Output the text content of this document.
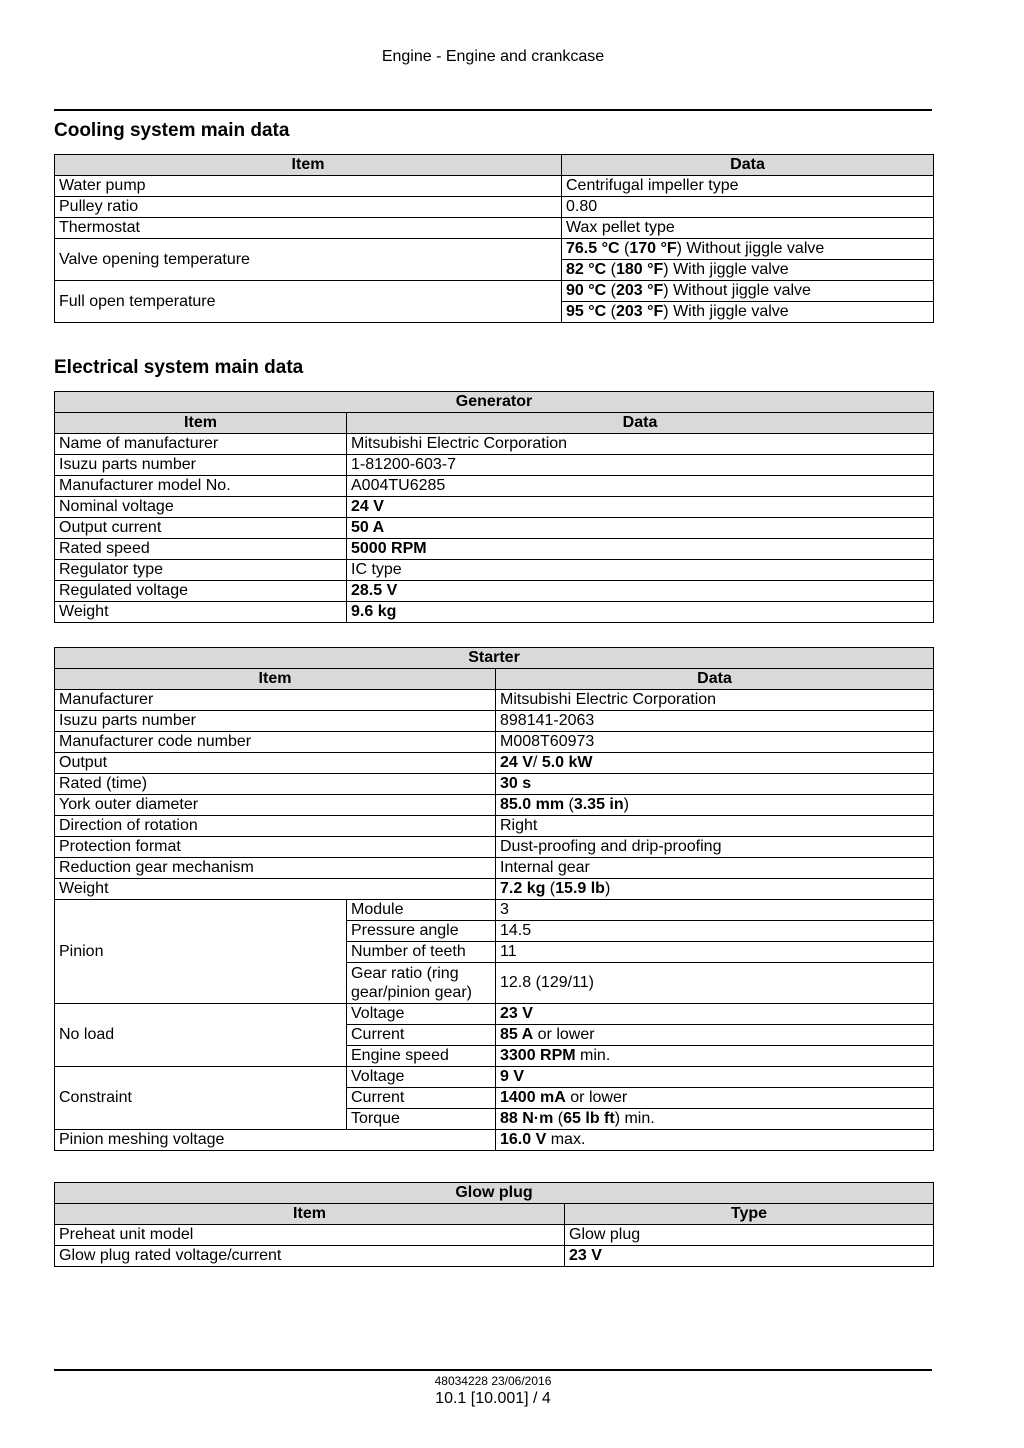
Engine - Engine and crankcase
Cooling system main data
Item	Data
Water pump	Centrifugal impeller type
Pulley ratio	0.80
Thermostat	Wax pellet type
Valve opening temperature	76.5 °C (170 °F) Without jiggle valve
	82 °C (180 °F) With jiggle valve
Full open temperature	90 °C (203 °F) Without jiggle valve
	95 °C (203 °F) With jiggle valve
Electrical system main data
Generator	
Item	Data
Name of manufacturer	Mitsubishi Electric Corporation
Isuzu parts number	1-81200-603-7
Manufacturer model No.	A004TU6285
Nominal voltage	24 V
Output current	50 A
Rated speed	5000 RPM
Regulator type	IC type
Regulated voltage	28.5 V
Weight	9.6 kg
Starter		
Item		Data
Manufacturer		Mitsubishi Electric Corporation
Isuzu parts number		898141-2063
Manufacturer code number		M008T60973
Output		24 V/ 5.0 kW
Rated (time)		30 s
York outer diameter		85.0 mm (3.35 in)
Direction of rotation		Right
Protection format		Dust-proofing and drip-proofing
Reduction gear mechanism		Internal gear
Weight		7.2 kg (15.9 lb)
Pinion	Module	3
	Pressure angle	14.5
	Number of teeth	11
	Gear ratio (ring gear/pinion gear)	12.8 (129/11)
No load	Voltage	23 V
	Current	85 A or lower
	Engine speed	3300 RPM min.
Constraint	Voltage	9 V
	Current	1400 mA or lower
	Torque	88 N·m (65 lb ft) min.
Pinion meshing voltage		16.0 V max.
Glow plug	
Item	Type
Preheat unit model	Glow plug
Glow plug rated voltage/current	23 V
48034228 23/06/2016
10.1 [10.001] / 4
